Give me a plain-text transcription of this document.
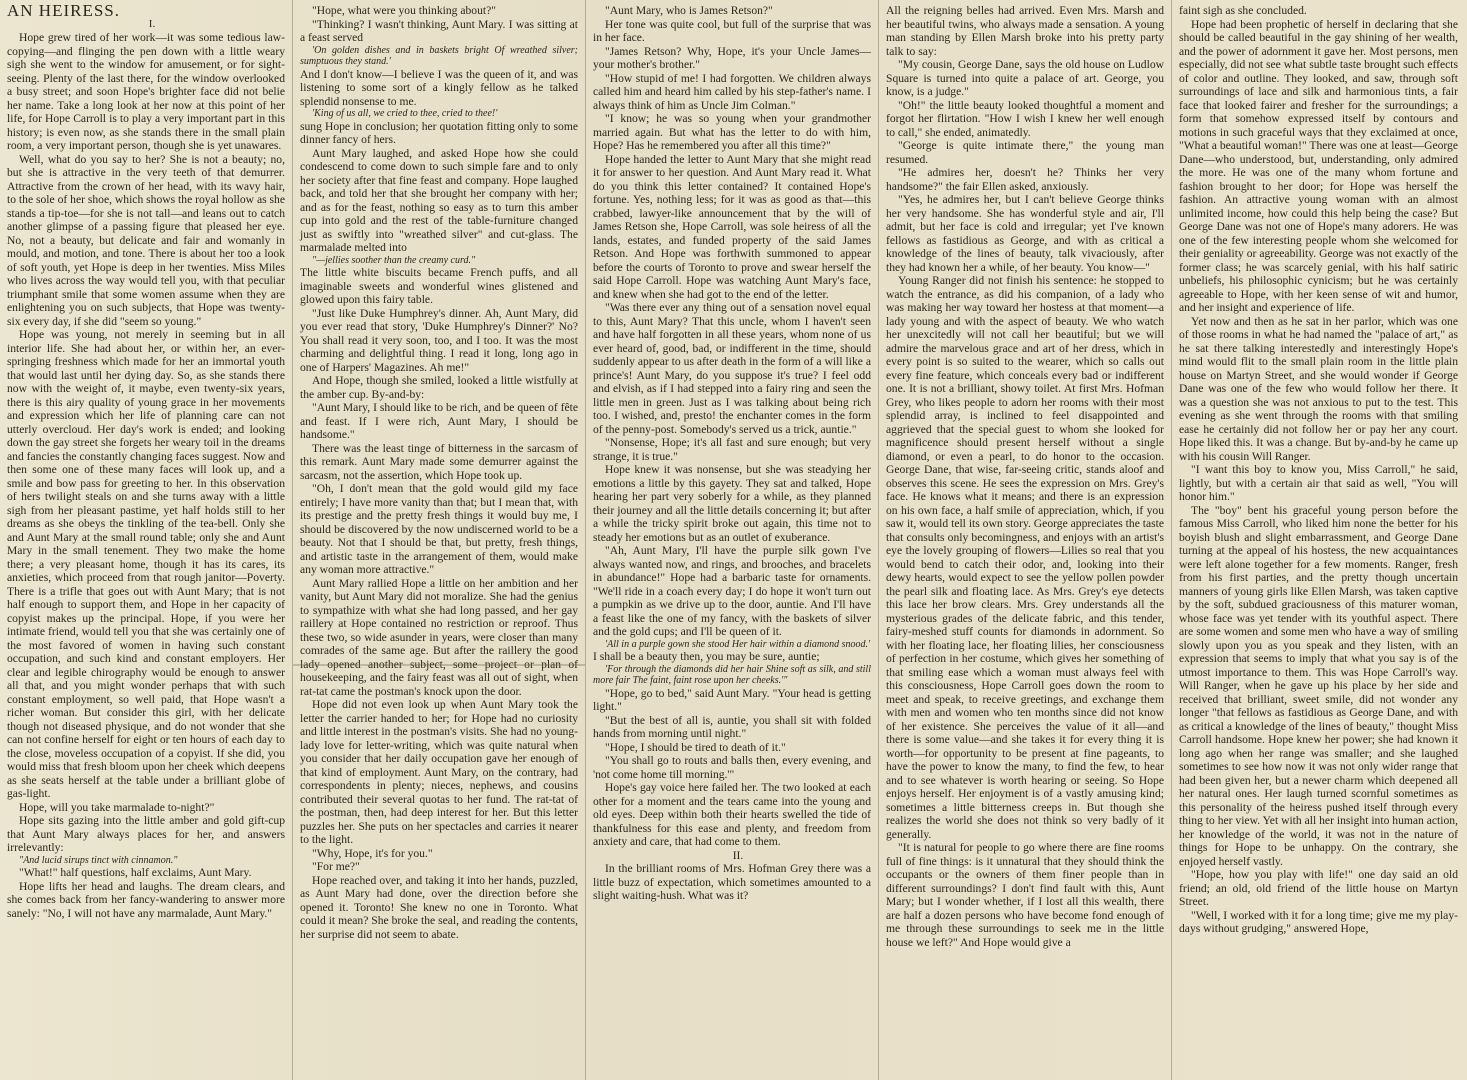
AN HEIRESS.

I.

Hope grew tired of her work—it was some tedious law-copying—and flinging the pen down with a little weary sigh she went to the window for amusement, or for sight-seeing. Plenty of the last there, for the window overlooked a busy street; and soon Hope's brighter face did not belie her name. Take a long look at her now at this point of her life, for Hope Carroll is to play a very important part in this history; is even now, as she stands there in the small plain room, a very important person, though she is yet unawares.

Well, what do you say to her? She is not a beauty; no, but she is attractive in the very teeth of that demurrer. Attractive from the crown of her head, with its wavy hair, to the sole of her shoe, which shows the royal hollow as she stands a tip-toe—for she is not tall—and leans out to catch another glimpse of a passing figure that pleased her eye. No, not a beauty, but delicate and fair and womanly in mould, and motion, and tone. There is about her too a look of soft youth, yet Hope is deep in her twenties. Miss Miles who lives across the way would tell you, with that peculiar triumphant smile that some women assume when they are enlightening you on such subjects, that Hope was twenty-six every day, if she did "seem so young."

Hope was young, not merely in seeming but in all interior life. She had about her, or within her, an ever-springing freshness which made for her an immortal youth that would last until her dying day. So, as she stands there now with the weight of, it maybe, even twenty-six years, there is this airy quality of young grace in her movements and expression which her life of planning care can not utterly overcloud. Her day's work is ended; and looking down the gay street she forgets her weary toil in the dreams and fancies the constantly changing faces suggest. Now and then some one of these many faces will look up, and a smile and bow pass for greeting to her. In this observation of hers twilight steals on and she turns away with a little sigh from her pleasant pastime, yet half holds still to her dreams as she obeys the tinkling of the tea-bell. Only she and Aunt Mary at the small round table; only she and Aunt Mary in the small tenement. They two make the home there; a very pleasant home, though it has its cares, its anxieties, which proceed from that rough janitor—Poverty. There is a trifle that goes out with Aunt Mary; that is not half enough to support them, and Hope in her capacity of copyist makes up the principal. Hope, if you were her intimate friend, would tell you that she was certainly one of the most favored of women in having such constant occupation, and such kind and constant employers. Her clear and legible chirography would be enough to answer all that, and you might wonder perhaps that with such constant employment, so well paid, that Hope wasn't a richer woman. But consider this girl, with her delicate though not diseased physique, and do not wonder that she can not confine herself for eight or ten hours of each day to the close, moveless occupation of a copyist. If she did, you would miss that fresh bloom upon her cheek which deepens as she seats herself at the table under a brilliant globe of gas-light.

Hope, will you take marmalade to-night?"

Hope sits gazing into the little amber and gold gift-cup that Aunt Mary always places for her, and answers irrelevantly:

"And lucid sirups tinct with cinnamon."

"What!" half questions, half exclaims, Aunt Mary.

Hope lifts her head and laughs. The dream clears, and she comes back from her fancy-wandering to answer more sanely: "No, I will not have any marmalade, Aunt Mary."

"Hope, what were you thinking about?"

"Thinking? I wasn't thinking, Aunt Mary. I was sitting at a feast served

'On golden dishes and in baskets bright Of wreathed silver; sumptuous they stand.'

And I don't know—I believe I was the queen of it, and was listening to some sort of a kingly fellow as he talked splendid nonsense to me.

'King of us all, we cried to thee, cried to thee!'

sung Hope in conclusion; her quotation fitting only to some dinner fancy of hers.

Aunt Mary laughed, and asked Hope how she could condescend to come down to such simple fare and to only her society after that fine feast and company. Hope laughed back, and told her that she brought her company with her; and as for the feast, nothing so easy as to turn this amber cup into gold and the rest of the table-furniture changed just as swiftly into "wreathed silver" and cut-glass. The marmalade melted into

"—jellies soother than the creamy curd."

The little white biscuits became French puffs, and all imaginable sweets and wonderful wines glistened and glowed upon this fairy table.

"Just like Duke Humphrey's dinner. Ah, Aunt Mary, did you ever read that story, 'Duke Humphrey's Dinner?' No? You shall read it very soon, too, and I too. It was the most charming and delightful thing. I read it long, long ago in one of Harpers' Magazines. Ah me!"

And Hope, though she smiled, looked a little wistfully at the amber cup. By-and-by:

"Aunt Mary, I should like to be rich, and be queen of fête and feast. If I were rich, Aunt Mary, I should be handsome."

There was the least tinge of bitterness in the sarcasm of this remark. Aunt Mary made some demurrer against the sarcasm, not the assertion, which Hope took up.

"Oh, I don't mean that the gold would gild my face entirely; I have more vanity than that; but I mean that, with its prestige and the pretty fresh things it would buy me, I should be discovered by the now undiscerned world to be a beauty. Not that I should be that, but pretty, fresh things, and artistic taste in the arrangement of them, would make any woman more attractive."

Aunt Mary rallied Hope a little on her ambition and her vanity, but Aunt Mary did not moralize. She had the genius to sympathize with what she had long passed, and her gay raillery at Hope contained no restriction or reproof. Thus these two, so wide asunder in years, were closer than many comrades of the same age. But after the raillery the good lady opened another subject, some project or plan of housekeeping, and the fairy feast was all out of sight, when rat-tat came the postman's knock upon the door.

Hope did not even look up when Aunt Mary took the letter the carrier handed to her; for Hope had no curiosity and little interest in the postman's visits. She had no young-lady love for letter-writing, which was quite natural when you consider that her daily occupation gave her enough of that kind of employment. Aunt Mary, on the contrary, had correspondents in plenty; nieces, nephews, and cousins contributed their several quotas to her fund. The rat-tat of the postman, then, had deep interest for her. But this letter puzzles her. She puts on her spectacles and carries it nearer to the light.

"Why, Hope, it's for you."

"For me?"

Hope reached over, and taking it into her hands, puzzled, as Aunt Mary had done, over the direction before she opened it. Toronto! She knew no one in Toronto. What could it mean? She broke the seal, and reading the contents, her surprise did not seem to abate.

"Aunt Mary, who is James Retson?"

Her tone was quite cool, but full of the surprise that was in her face.

"James Retson? Why, Hope, it's your Uncle James—your mother's brother."

"How stupid of me! I had forgotten. We children always called him and heard him called by his step-father's name. I always think of him as Uncle Jim Colman."

"I know; he was so young when your grandmother married again. But what has the letter to do with him, Hope? Has he remembered you after all this time?"

Hope handed the letter to Aunt Mary that she might read it for answer to her question. And Aunt Mary read it. What do you think this letter contained? It contained Hope's fortune. Yes, nothing less; for it was as good as that—this crabbed, lawyer-like announcement that by the will of James Retson she, Hope Carroll, was sole heiress of all the lands, estates, and funded property of the said James Retson. And Hope was forthwith summoned to appear before the courts of Toronto to prove and swear herself the said Hope Carroll. Hope was watching Aunt Mary's face, and knew when she had got to the end of the letter.

"Was there ever any thing out of a sensation novel equal to this, Aunt Mary? That this uncle, whom I haven't seen and have half forgotten in all these years, whom none of us ever heard of, good, bad, or indifferent in the time, should suddenly appear to us after death in the form of a will like a prince's! Aunt Mary, do you suppose it's true? I feel odd and elvish, as if I had stepped into a fairy ring and seen the little men in green. Just as I was talking about being rich too. I wished, and, presto! the enchanter comes in the form of the penny-post. Somebody's served us a trick, auntie."

"Nonsense, Hope; it's all fast and sure enough; but very strange, it is true."

Hope knew it was nonsense, but she was steadying her emotions a little by this gayety. They sat and talked, Hope hearing her part very soberly for a while, as they planned their journey and all the little details concerning it; but after a while the tricky spirit broke out again, this time not to steady her emotions but as an outlet of exuberance.

"Ah, Aunt Mary, I'll have the purple silk gown I've always wanted now, and rings, and brooches, and bracelets in abundance!" Hope had a barbaric taste for ornaments. "We'll ride in a coach every day; I do hope it won't turn out a pumpkin as we drive up to the door, auntie. And I'll have a feast like the one of my fancy, with the baskets of silver and the gold cups; and I'll be queen of it.

'All in a purple gown she stood Her hair within a diamond snood.'

I shall be a beauty then, you may be sure, auntie;

'For through the diamonds did her hair Shine soft as silk, and still more fair The faint, faint rose upon her cheeks.'"

"Hope, go to bed," said Aunt Mary. "Your head is getting light."

"But the best of all is, auntie, you shall sit with folded hands from morning until night."

"Hope, I should be tired to death of it."

"You shall go to routs and balls then, every evening, and 'not come home till morning.'"

Hope's gay voice here failed her. The two looked at each other for a moment and the tears came into the young and old eyes. Deep within both their hearts swelled the tide of thankfulness for this ease and plenty, and freedom from anxiety and care, that had come to them.

II.

In the brilliant rooms of Mrs. Hofman Grey there was a little buzz of expectation, which sometimes amounted to a slight waiting-hush. What was it?

All the reigning belles had arrived. Even Mrs. Marsh and her beautiful twins, who always made a sensation. A young man standing by Ellen Marsh broke into his pretty party talk to say:

"My cousin, George Dane, says the old house on Ludlow Square is turned into quite a palace of art. George, you know, is a judge."

"Oh!" the little beauty looked thoughtful a moment and forgot her flirtation. "How I wish I knew her well enough to call," she ended, animatedly.

"George is quite intimate there," the young man resumed.

"He admires her, doesn't he? Thinks her very handsome?" the fair Ellen asked, anxiously.

"Yes, he admires her, but I can't believe George thinks her very handsome. She has wonderful style and air, I'll admit, but her face is cold and irregular; yet I've known fellows as fastidious as George, and with as critical a knowledge of the lines of beauty, talk vivaciously, after they had known her a while, of her beauty. You know—"

Young Ranger did not finish his sentence: he stopped to watch the entrance, as did his companion, of a lady who was making her way toward her hostess at that moment—a lady young and with the aspect of beauty. We who watch her unexcitedly will not call her beautiful; but we will admire the marvelous grace and art of her dress, which in every point is so suited to the wearer, which so calls out every fine feature, which conceals every bad or indifferent one. It is not a brilliant, showy toilet. At first Mrs. Hofman Grey, who likes people to adorn her rooms with their most splendid array, is inclined to feel disappointed and aggrieved that the special guest to whom she looked for magnificence should present herself without a single diamond, or even a pearl, to do honor to the occasion. George Dane, that wise, far-seeing critic, stands aloof and observes this scene. He sees the expression on Mrs. Grey's face. He knows what it means; and there is an expression on his own face, a half smile of appreciation, which, if you saw it, would tell its own story. George appreciates the taste that consults only becomingness, and enjoys with an artist's eye the lovely grouping of flowers—Lilies so real that you would bend to catch their odor, and, looking into their dewy hearts, would expect to see the yellow pollen powder the pearl silk and floating lace. As Mrs. Grey's eye detects this lace her brow clears. Mrs. Grey understands all the mysterious grades of the delicate fabric, and this tender, fairy-meshed stuff counts for diamonds in adornment. So with her floating lace, her floating lilies, her consciousness of perfection in her costume, which gives her something of that smiling ease which a woman must always feel with this consciousness, Hope Carroll goes down the room to meet and speak, to receive greetings, and exchange them with men and women who ten months since did not know of her existence. She perceives the value of it all—and there is some value—and she takes it for every thing it is worth—for opportunity to be present at fine pageants, to have the power to know the many, to find the few, to hear and to see whatever is worth hearing or seeing. So Hope enjoys herself. Her enjoyment is of a vastly amusing kind; sometimes a little bitterness creeps in. But though she realizes the world she does not think so very badly of it generally.

"It is natural for people to go where there are fine rooms full of fine things: is it unnatural that they should think the occupants or the owners of them finer people than in different surroundings? I don't find fault with this, Aunt Mary; but I wonder whether, if I lost all this wealth, there are half a dozen persons who have become fond enough of me through these surroundings to seek me in the little house we left?" And Hope would give a

faint sigh as she concluded.

Hope had been prophetic of herself in declaring that she should be called beautiful in the gay shining of her wealth, and the power of adornment it gave her. Most persons, men especially, did not see what subtle taste brought such effects of color and outline. They looked, and saw, through soft surroundings of lace and silk and harmonious tints, a fair face that looked fairer and fresher for the surroundings; a form that somehow expressed itself by contours and motions in such graceful ways that they exclaimed at once, "What a beautiful woman!" There was one at least—George Dane—who understood, but, understanding, only admired the more. He was one of the many whom fortune and fashion brought to her door; for Hope was herself the fashion. An attractive young woman with an almost unlimited income, how could this help being the case? But George Dane was not one of Hope's many adorers. He was one of the few interesting people whom she welcomed for their geniality or agreeability. George was not exactly of the former class; he was scarcely genial, with his half satiric unbeliefs, his philosophic cynicism; but he was certainly agreeable to Hope, with her keen sense of wit and humor, and her insight and experience of life.

Yet now and then as he sat in her parlor, which was one of those rooms in what he had named the "palace of art," as he sat there talking interestedly and interestingly Hope's mind would flit to the small plain room in the little plain house on Martyn Street, and she would wonder if George Dane was one of the few who would follow her there. It was a question she was not anxious to put to the test. This evening as she went through the rooms with that smiling ease he certainly did not follow her or pay her any court. Hope liked this. It was a change. But by-and-by he came up with his cousin Will Ranger.

"I want this boy to know you, Miss Carroll," he said, lightly, but with a certain air that said as well, "You will honor him."

The "boy" bent his graceful young person before the famous Miss Carroll, who liked him none the better for his boyish blush and slight embarrassment, and George Dane turning at the appeal of his hostess, the new acquaintances were left alone together for a few moments. Ranger, fresh from his first parties, and the pretty though uncertain manners of young girls like Ellen Marsh, was taken captive by the soft, subdued graciousness of this maturer woman, whose face was yet tender with its youthful aspect. There are some women and some men who have a way of smiling slowly upon you as you speak and they listen, with an expression that seems to imply that what you say is of the utmost importance to them. This was Hope Carroll's way. Will Ranger, when he gave up his place by her side and received that brilliant, sweet smile, did not wonder any longer "that fellows as fastidious as George Dane, and with as critical a knowledge of the lines of beauty," thought Miss Carroll handsome. Hope knew her power; she had known it long ago when her range was smaller; and she laughed sometimes to see how now it was not only wider range that had been given her, but a newer charm which deepened all her natural ones. Her laugh turned scornful sometimes as this personality of the heiress pushed itself through every thing to her view. Yet with all her insight into human action, her knowledge of the world, it was not in the nature of things for Hope to be unhappy. On the contrary, she enjoyed herself vastly.

"Hope, how you play with life!" one day said an old friend; an old, old friend of the little house on Martyn Street.

"Well, I worked with it for a long time; give me my play-days without grudging," answered Hope,
